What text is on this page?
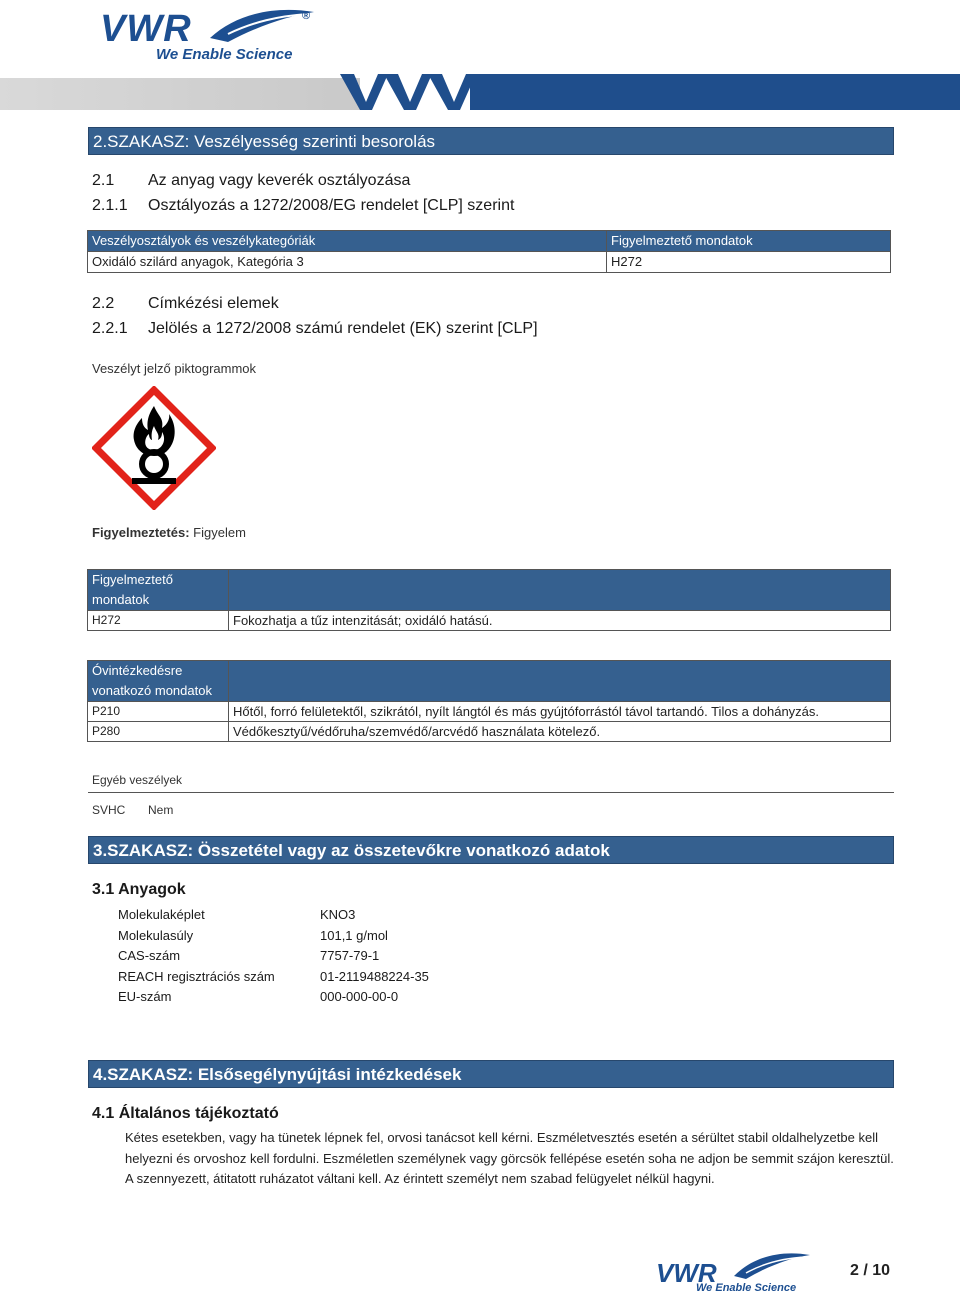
VWR	®
We Enable Science
2.SZAKASZ: Veszélyesség szerinti besorolás
2.1 Az anyag vagy keverék osztályozása
2.1.1 Osztályozás a 1272/2008/EG rendelet [CLP] szerint
Veszélyosztályok és veszélykategóriák	Figyelmeztető mondatok
Oxidáló szilárd anyagok, Kategória 3	H272
2.2 Címkézési elemek
2.2.1 Jelölés a 1272/2008 számú rendelet (EK) szerint [CLP]
Veszélyt jelző piktogrammok
Figyelmeztetés: Figyelem
Figyelmeztető
mondatok	
H272	Fokozhatja a tűz intenzitását; oxidáló hatású.
Óvintézkedésre
vonatkozó mondatok	
P210	Hőtől, forró felületektől, szikrától, nyílt lángtól és más gyújtóforrástól távol tartandó. Tilos a dohányzás.
P280	Védőkesztyű/védőruha/szemvédő/arcvédő használata kötelező.
Egyéb veszélyek
SVHC Nem
3.SZAKASZ: Összetétel vagy az összetevőkre vonatkozó adatok
3.1 Anyagok
Molekulaképlet	KNO3
Molekulasúly	101,1 g/mol
CAS-szám	7757-79-1
REACH regisztrációs szám	01-2119488224-35
EU-szám	000-000-00-0
4.SZAKASZ: Elsősegélynyújtási intézkedések
4.1 Általános tájékoztató
Kétes esetekben, vagy ha tünetek lépnek fel, orvosi tanácsot kell kérni. Eszméletvesztés esetén a sérültet stabil oldalhelyzetbe kell helyezni és orvoshoz kell fordulni. Eszméletlen személynek vagy görcsök fellépése esetén soha ne adjon be semmit szájon keresztül. A szennyezett, átitatott ruházatot váltani kell. Az érintett személyt nem szabad felügyelet nélkül hagyni.
VWR
We Enable Science
2 / 10
